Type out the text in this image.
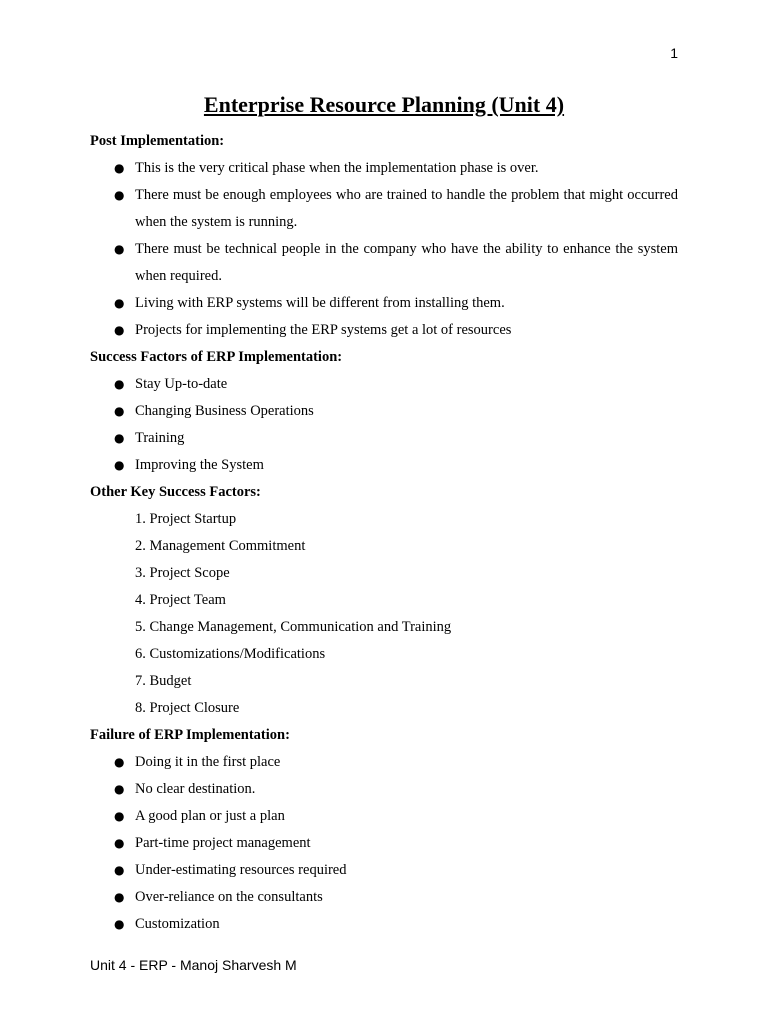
1
Enterprise Resource Planning (Unit 4)

Post Implementation:

● This is the very critical phase when the implementation phase is over.
● There must be enough employees who are trained to handle the problem that might occurred when the system is running.
● There must be technical people in the company who have the ability to enhance the system when required.
● Living with ERP systems will be different from installing them.
● Projects for implementing the ERP systems get a lot of resources

Success Factors of ERP Implementation:

● Stay Up-to-date
● Changing Business Operations
● Training
● Improving the System

Other Key Success Factors:

1. Project Startup
2. Management Commitment
3. Project Scope
4. Project Team
5. Change Management, Communication and Training
6. Customizations/Modifications
7. Budget
8. Project Closure

Failure of ERP Implementation:

● Doing it in the first place
● No clear destination.
● A good plan or just a plan
● Part-time project management
● Under-estimating resources required
● Over-reliance on the consultants
● Customization
Unit 4 - ERP - Manoj Sharvesh M
